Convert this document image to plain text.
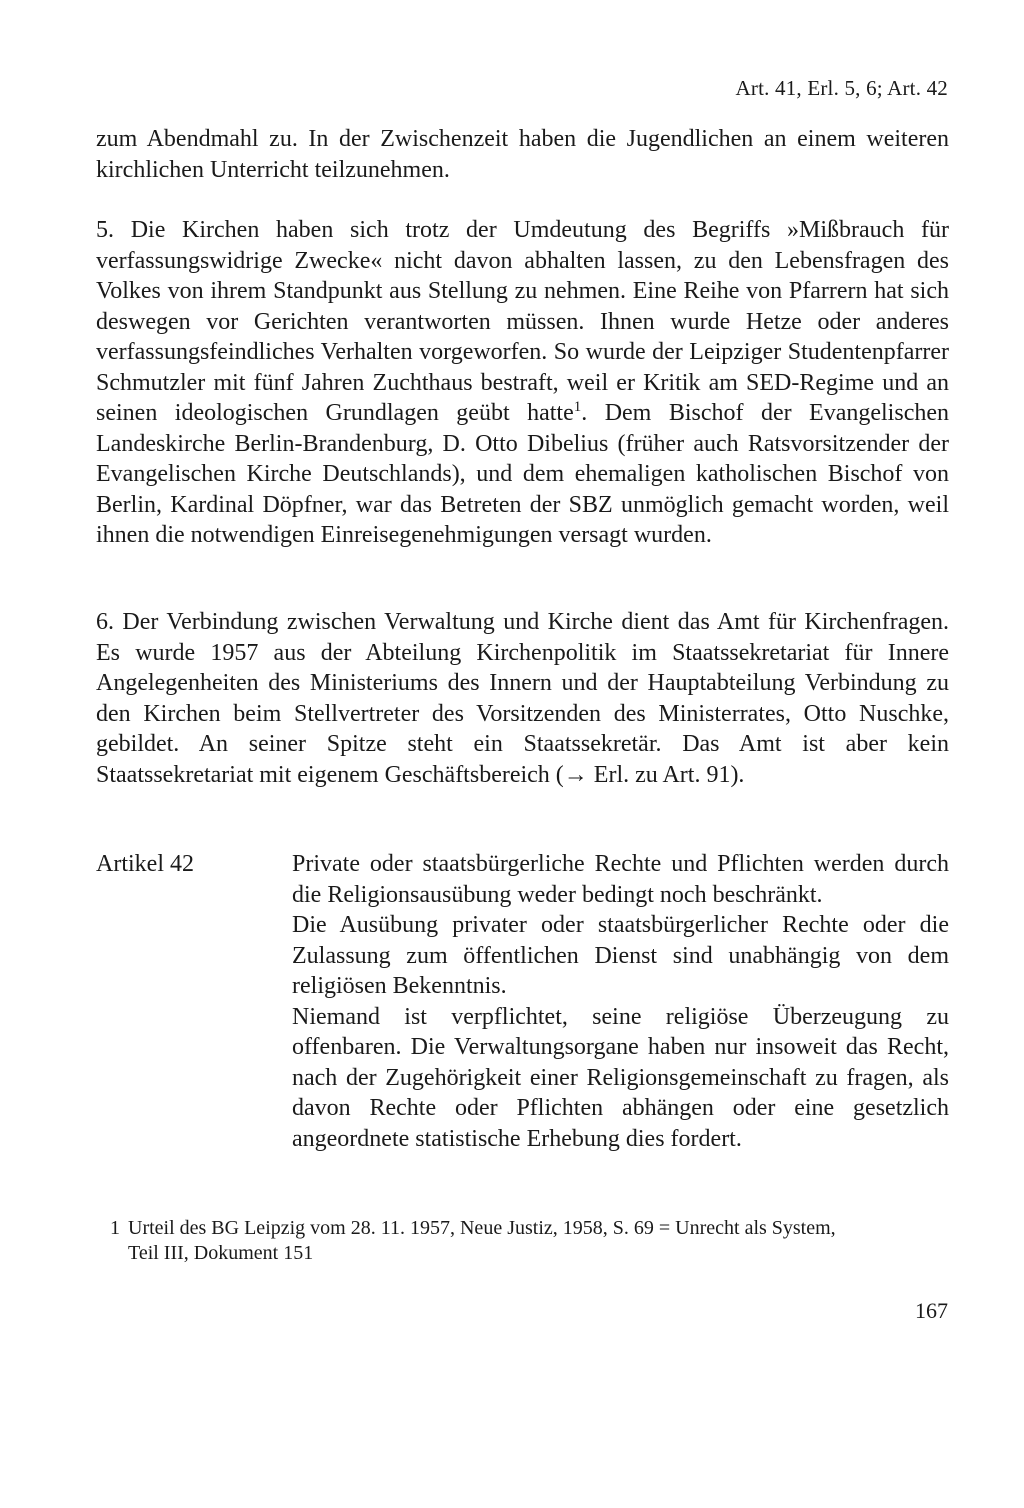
Art. 41, Erl. 5, 6; Art. 42

zum Abendmahl zu. In der Zwischenzeit haben die Jugendlichen an einem weiteren kirchlichen Unterricht teilzunehmen.

5. Die Kirchen haben sich trotz der Umdeutung des Begriffs »Mißbrauch für verfassungswidrige Zwecke« nicht davon abhalten lassen, zu den Lebensfragen des Volkes von ihrem Standpunkt aus Stellung zu nehmen. Eine Reihe von Pfarrern hat sich deswegen vor Gerichten verantworten müssen. Ihnen wurde Hetze oder anderes verfassungsfeindliches Verhalten vorgeworfen. So wurde der Leipziger Studentenpfarrer Schmutzler mit fünf Jahren Zuchthaus bestraft, weil er Kritik am SED-Regime und an seinen ideologischen Grundlagen geübt hatte$^1$. Dem Bischof der Evangelischen Landeskirche Berlin-Brandenburg, D. Otto Dibelius (früher auch Ratsvorsitzender der Evangelischen Kirche Deutschlands), und dem ehemaligen katholischen Bischof von Berlin, Kardinal Döpfner, war das Betreten der SBZ unmöglich gemacht worden, weil ihnen die notwendigen Einreisegenehmigungen versagt wurden.

6. Der Verbindung zwischen Verwaltung und Kirche dient das Amt für Kirchenfragen. Es wurde 1957 aus der Abteilung Kirchenpolitik im Staatssekretariat für Innere Angelegenheiten des Ministeriums des Innern und der Hauptabteilung Verbindung zu den Kirchen beim Stellvertreter des Vorsitzenden des Ministerrates, Otto Nuschke, gebildet. An seiner Spitze steht ein Staatssekretär. Das Amt ist aber kein Staatssekretariat mit eigenem Geschäftsbereich (→ Erl. zu Art. 91).

Artikel 42	Private oder staatsbürgerliche Rechte und Pflichten werden durch die Religionsausübung weder bedingt noch beschränkt.

Die Ausübung privater oder staatsbürgerlicher Rechte oder die Zulassung zum öffentlichen Dienst sind unabhängig von dem religiösen Bekenntnis.

Niemand ist verpflichtet, seine religiöse Überzeugung zu offenbaren. Die Verwaltungsorgane haben nur insoweit das Recht, nach der Zugehörigkeit einer Religionsgemeinschaft zu fragen, als davon Rechte oder Pflichten abhängen oder eine gesetzlich angeordnete statistische Erhebung dies fordert.

1 Urteil des BG Leipzig vom 28. 11. 1957, Neue Justiz, 1958, S. 69 = Unrecht als System,
Teil III, Dokument 151
167
